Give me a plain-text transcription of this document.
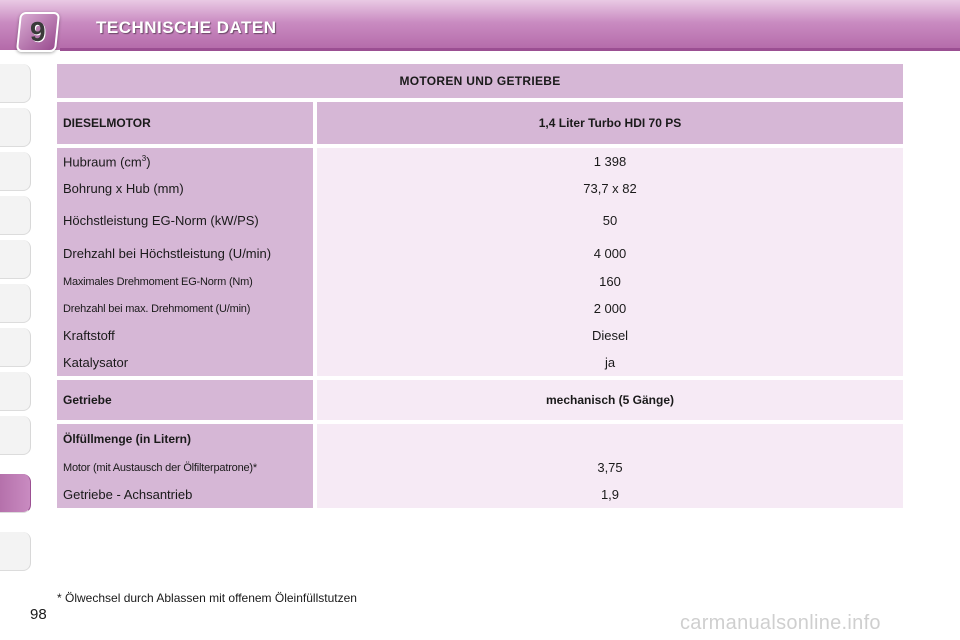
9	TECHNISCHE DATEN
MOTOREN UND GETRIEBE	
DIESELMOTOR	1,4 Liter Turbo HDI 70 PS
Hubraum $(cm^3)$	1 398
Bohrung x Hub (mm)	73,7 x 82
Höchstleistung EG-Norm (kW/PS)	50
Drehzahl bei Höchstleistung (U/min)	4 000
Maximales Drehmoment EG-Norm (Nm)	160
Drehzahl bei max. Drehmoment (U/min)	2 000
Kraftstoff	Diesel
Katalysator	ja
Getriebe	mechanisch (5 Gänge)
Ölfüllmenge (in Litern)	
Motor (mit Austausch der Ölfilterpatrone)*	3,75
Getriebe - Achsantrieb	1,9
* Ölwechsel durch Ablassen mit offenem Öleinfüllstutzen
98	carmanualsonline.info
